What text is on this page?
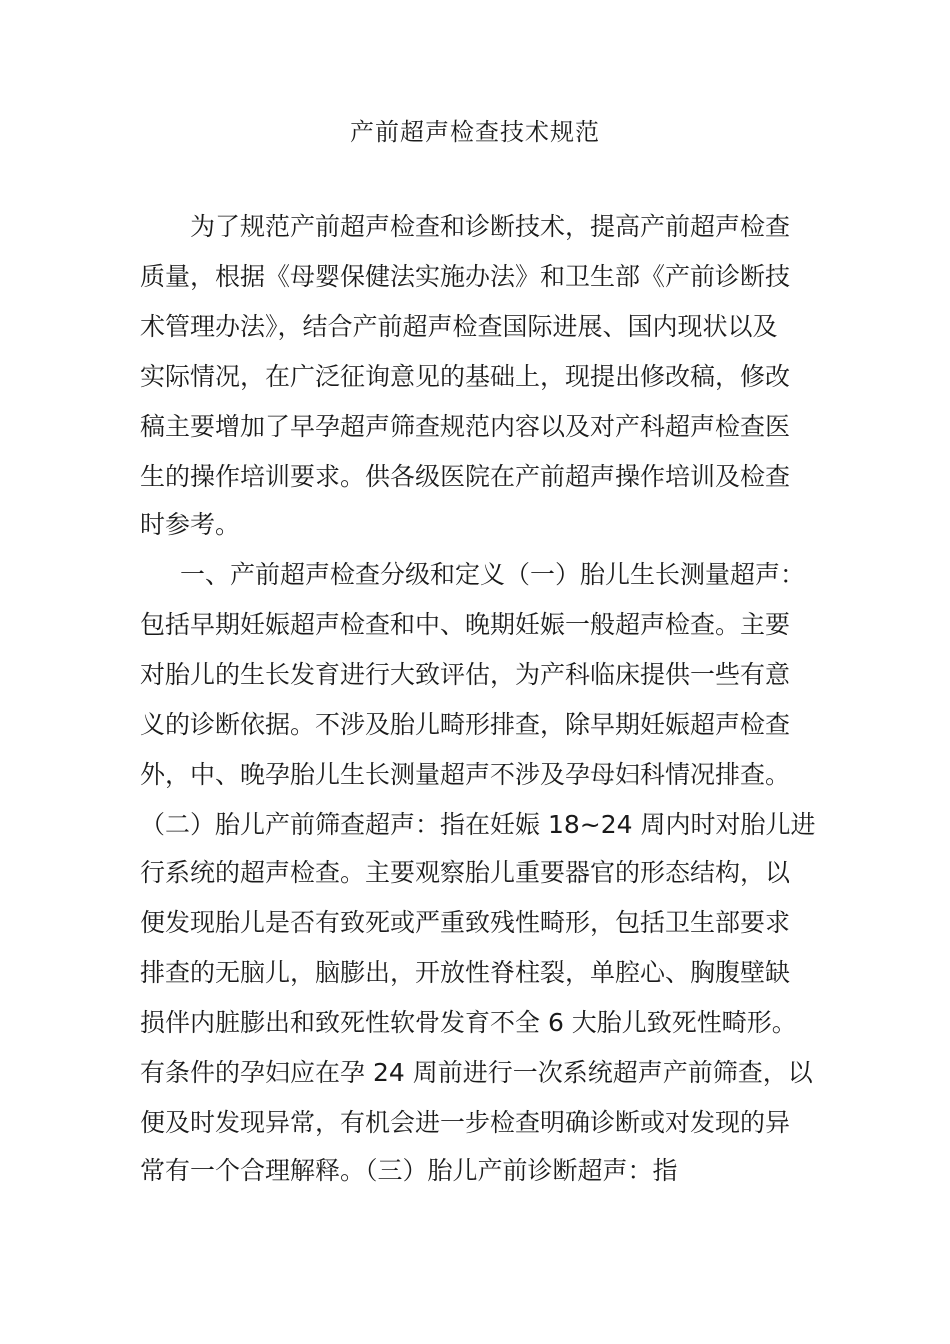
产前超声检查技术规范

为了规范产前超声检查和诊断技术，提高产前超声检查

质量，根据《母婴保健法实施办法》和卫生部《产前诊断技

术管理办法》，结合产前超声检查国际进展、国内现状以及

实际情况，在广泛征询意见的基础上，现提出修改稿，修改

稿主要增加了早孕超声筛查规范内容以及对产科超声检查医

生的操作培训要求。供各级医院在产前超声操作培训及检查

时参考。

一、产前超声检查分级和定义（一）胎儿生长测量超声：

包括早期妊娠超声检查和中、晚期妊娠一般超声检查。主要

对胎儿的生长发育进行大致评估，为产科临床提供一些有意

义的诊断依据。不涉及胎儿畸形排查，除早期妊娠超声检查

外，中、晚孕胎儿生长测量超声不涉及孕母妇科情况排查。

（二）胎儿产前筛查超声：指在妊娠 18~24 周内时对胎儿进

行系统的超声检查。主要观察胎儿重要器官的形态结构，以

便发现胎儿是否有致死或严重致残性畸形，包括卫生部要求

排查的无脑儿，脑膨出，开放性脊柱裂，单腔心、胸腹壁缺

损伴内脏膨出和致死性软骨发育不全 6 大胎儿致死性畸形。

有条件的孕妇应在孕 24 周前进行一次系统超声产前筛查，以

便及时发现异常，有机会进一步检查明确诊断或对发现的异

常有一个合理解释。（三）胎儿产前诊断超声：指
